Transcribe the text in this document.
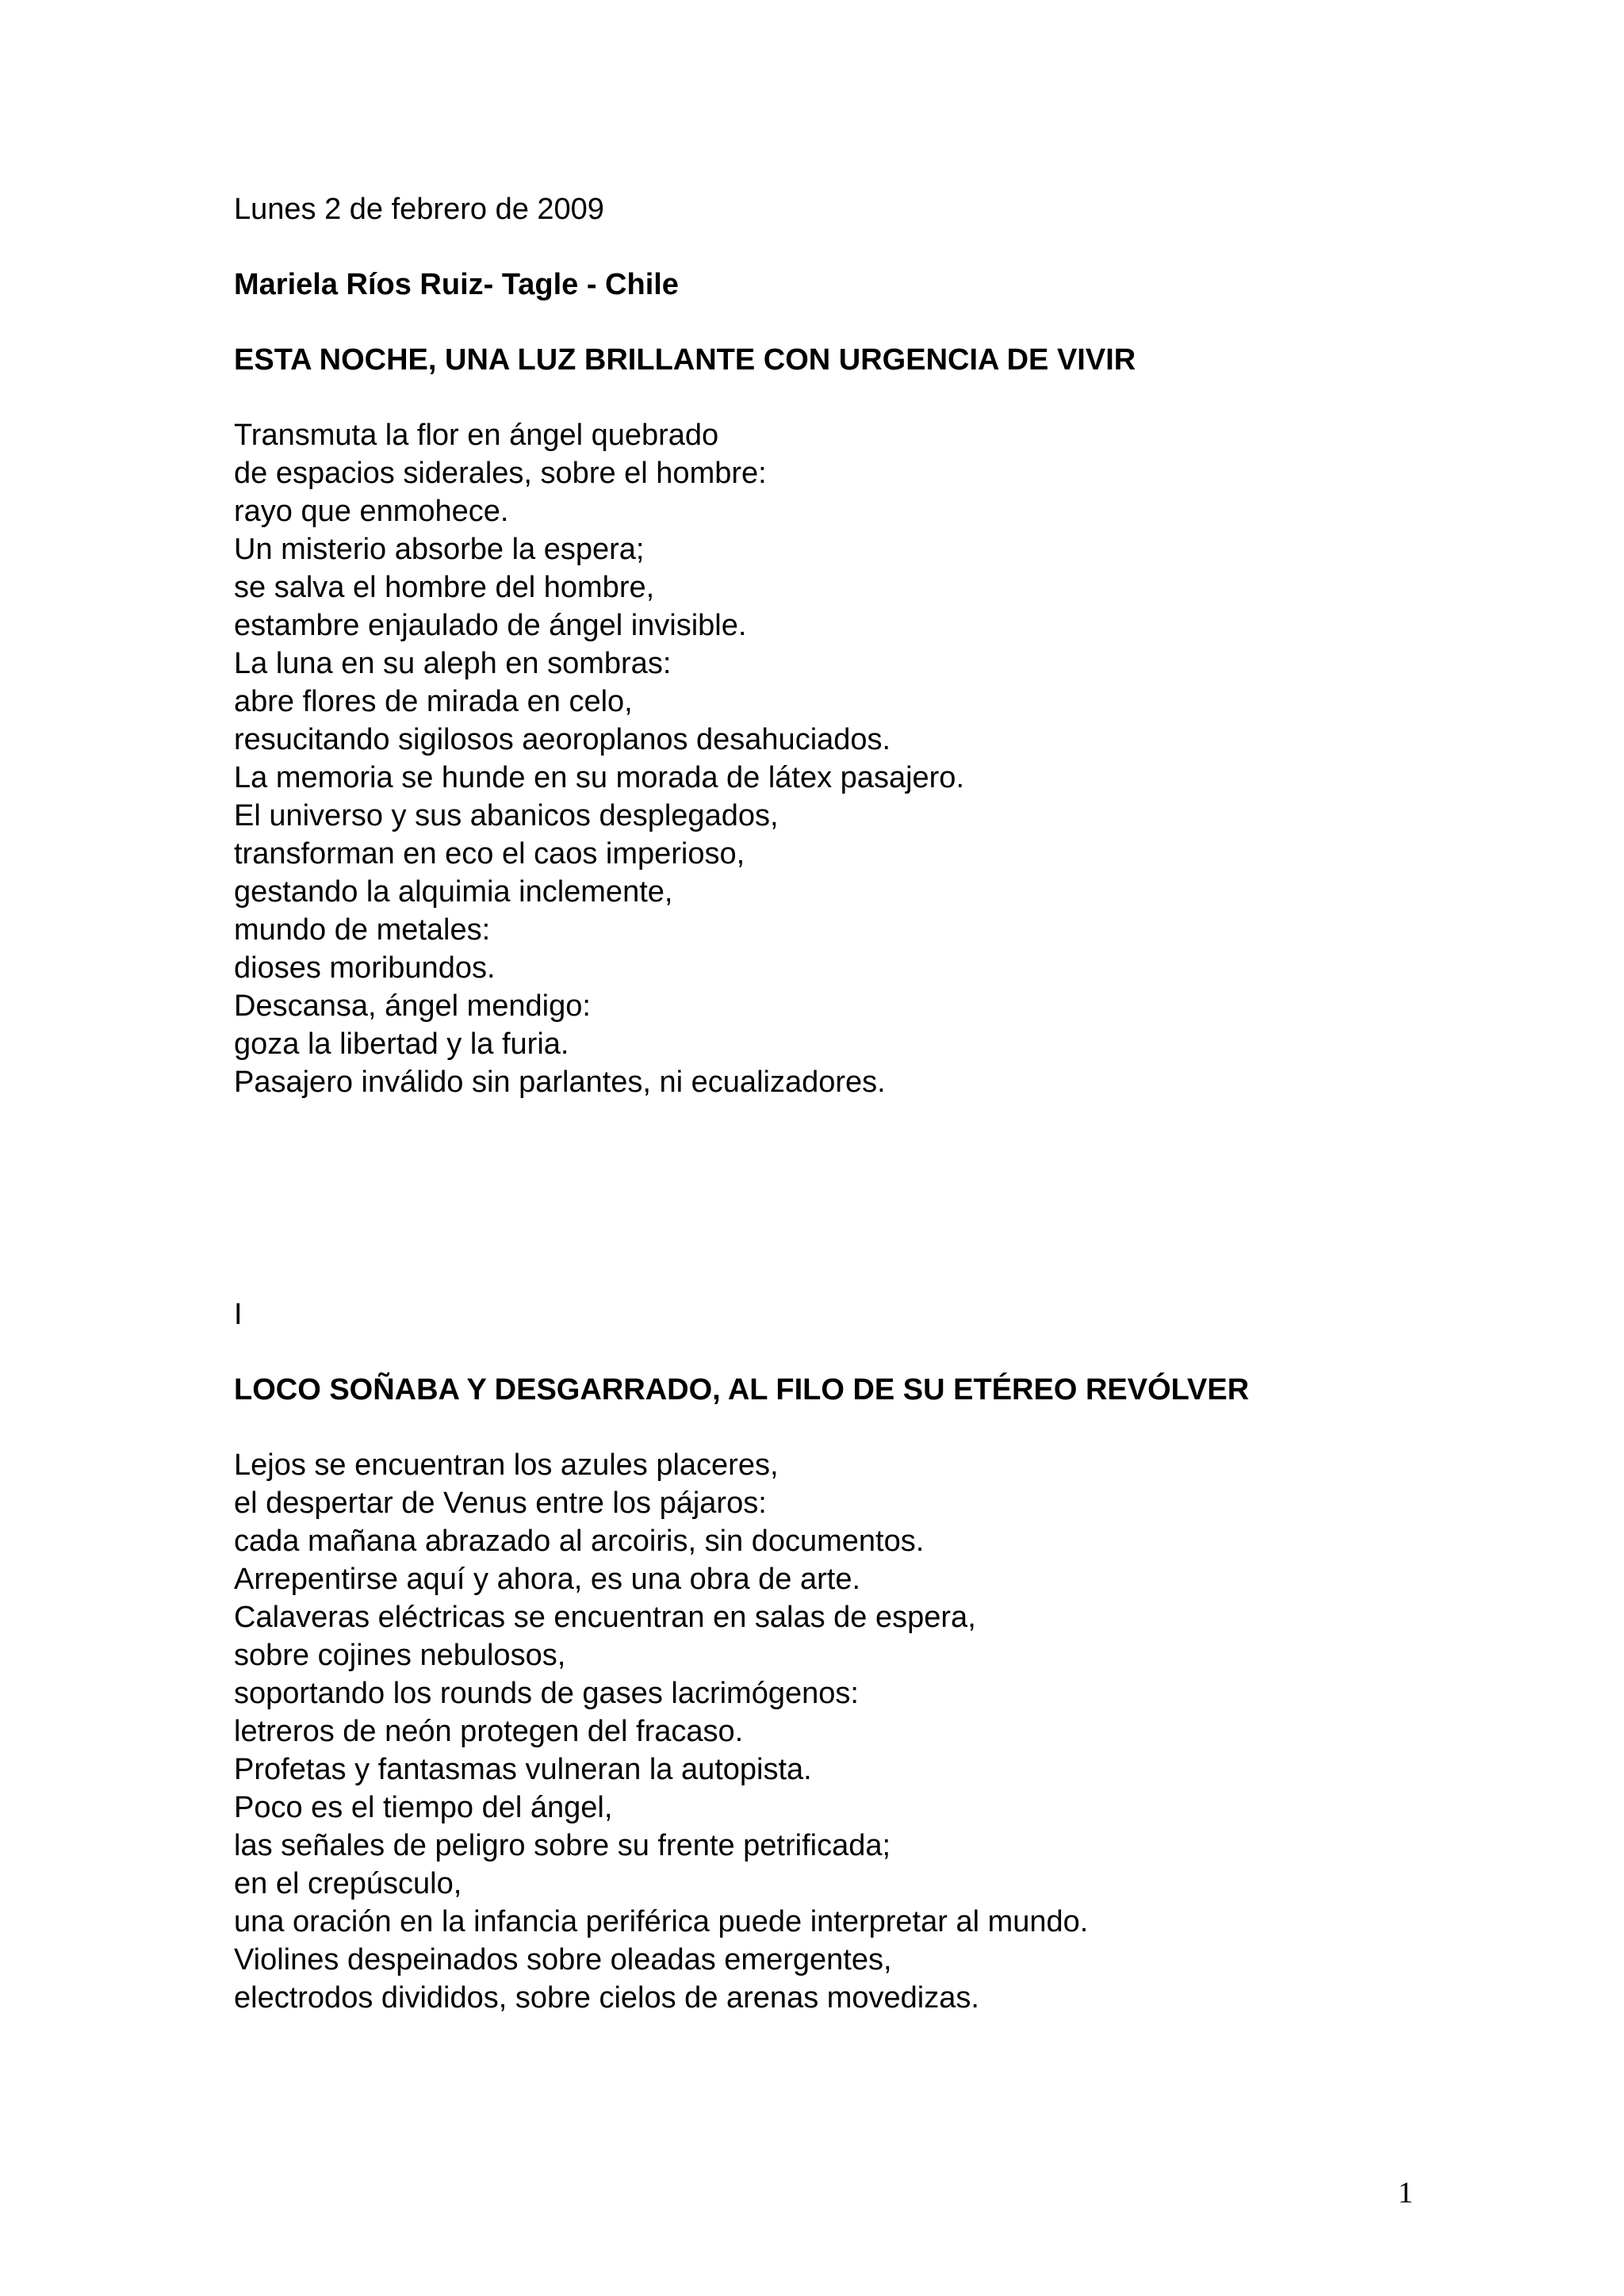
Lunes 2 de febrero de 2009
Mariela Ríos Ruiz- Tagle - Chile
ESTA NOCHE, UNA LUZ BRILLANTE CON URGENCIA DE VIVIR
Transmuta la flor en ángel quebrado
de espacios siderales, sobre el hombre:
rayo que enmohece.
Un misterio absorbe la espera;
se salva el hombre del hombre,
estambre enjaulado de ángel invisible.
La luna en su aleph en sombras:
abre flores de mirada en celo,
resucitando sigilosos aeoroplanos desahuciados.
La memoria se hunde en su morada de látex pasajero.
El universo y sus abanicos desplegados,
transforman en eco el caos imperioso,
gestando la alquimia inclemente,
mundo de metales:
dioses moribundos.
Descansa, ángel mendigo:
goza la libertad y la furia.
Pasajero inválido sin parlantes, ni ecualizadores.
I
LOCO SOÑABA Y DESGARRADO, AL FILO DE SU ETÉREO REVÓLVER
Lejos se encuentran los azules placeres,
el despertar de Venus entre los pájaros:
cada mañana abrazado al arcoiris, sin documentos.
Arrepentirse aquí y ahora, es una obra de arte.
Calaveras eléctricas se encuentran en salas de espera,
sobre cojines nebulosos,
soportando los rounds de gases lacrimógenos:
letreros de neón protegen del fracaso.
Profetas y fantasmas vulneran la autopista.
Poco es el tiempo del ángel,
las señales de peligro sobre su frente petrificada;
en el crepúsculo,
una oración en la infancia periférica puede interpretar al mundo.
Violines despeinados sobre oleadas emergentes,
electrodos divididos, sobre cielos de arenas movedizas.
1
